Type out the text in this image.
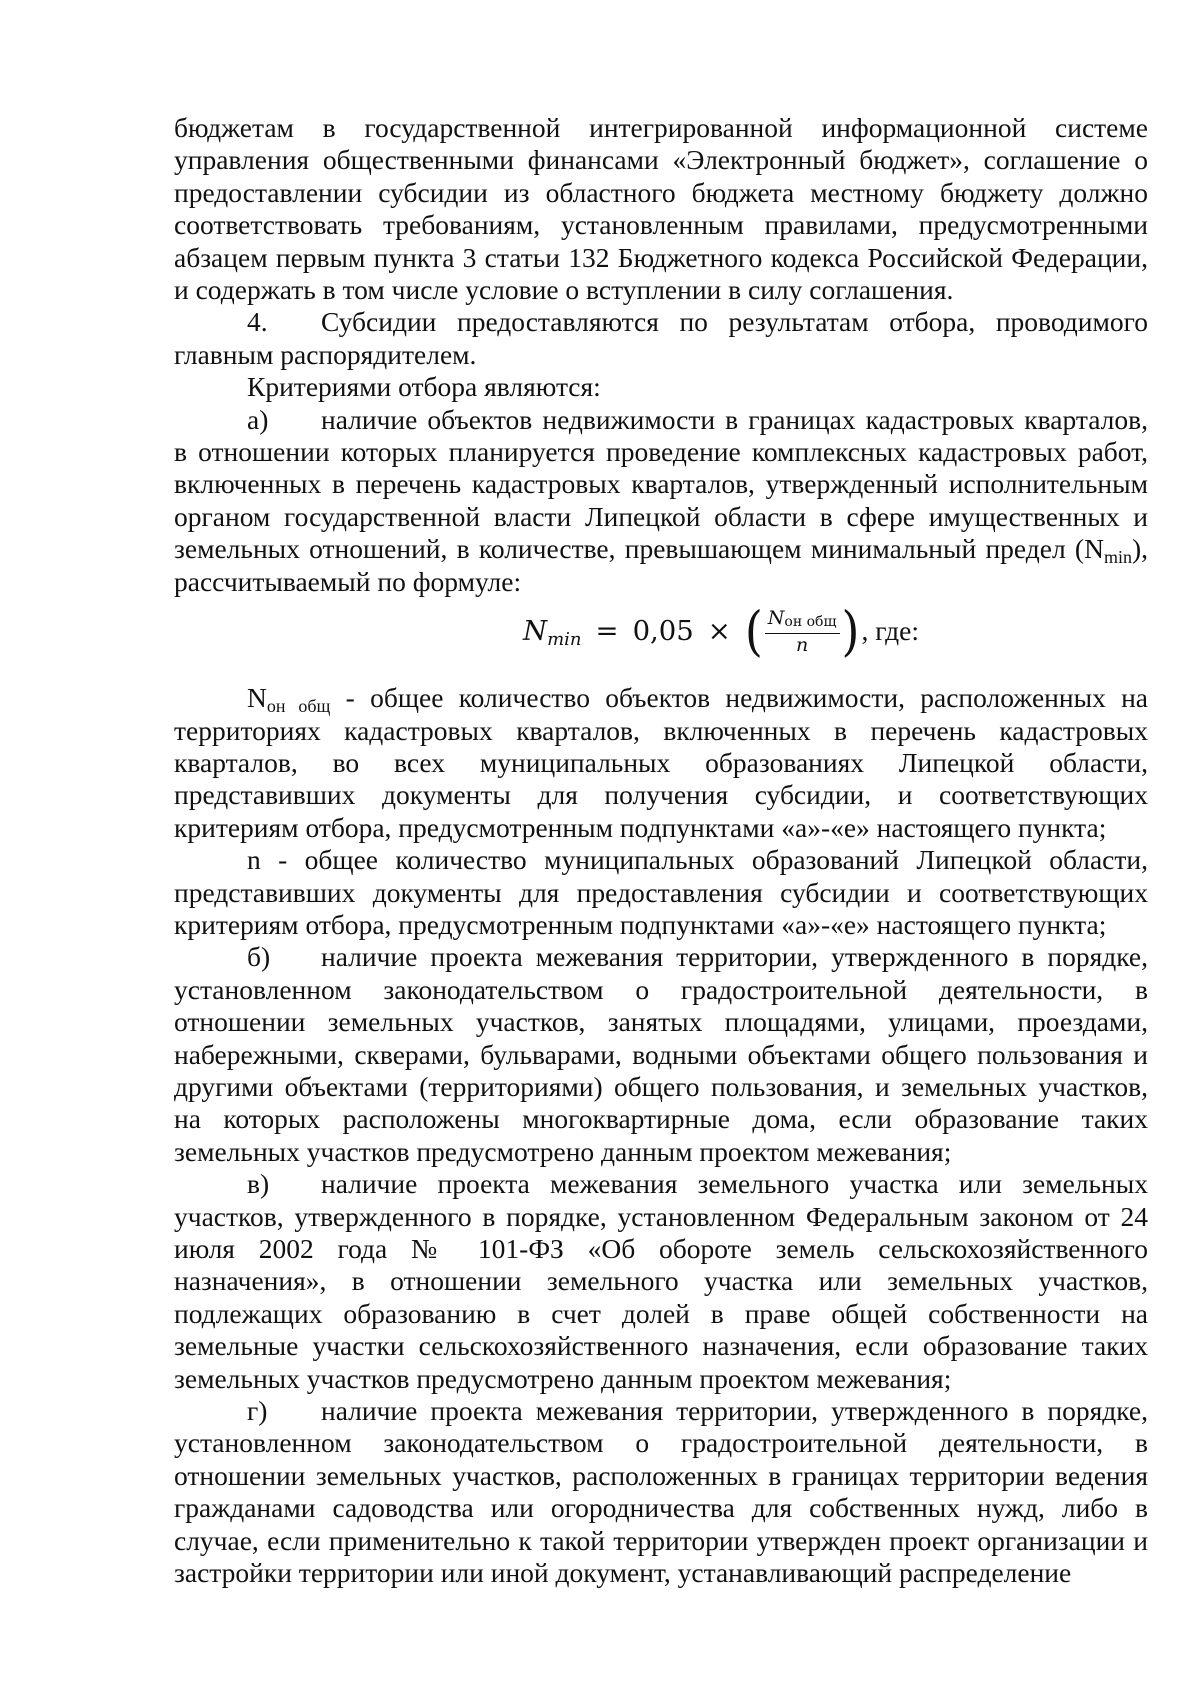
бюджетам в государственной интегрированной информационной системе управления общественными финансами «Электронный бюджет», соглашение о предоставлении субсидии из областного бюджета местному бюджету должно соответствовать требованиям, установленным правилами, предусмотренными абзацем первым пункта 3 статьи 132 Бюджетного кодекса Российской Федерации, и содержать в том числе условие о вступлении в силу соглашения.

4. Субсидии предоставляются по результатам отбора, проводимого главным распорядителем.

Критериями отбора являются:

а) наличие объектов недвижимости в границах кадастровых кварталов, в отношении которых планируется проведение комплексных кадастровых работ, включенных в перечень кадастровых кварталов, утвержденный исполнительным органом государственной власти Липецкой области в сфере имущественных и земельных отношений, в количестве, превышающем минимальный предел $(N_{min})$, рассчитываемый по формуле:

$N_{min} = 0,05$ × ( $\frac{N_{он общ}}{n}$ ) , где:

$N_{он общ}$ - общее количество объектов недвижимости, расположенных на территориях кадастровых кварталов, включенных в перечень кадастровых кварталов, во всех муниципальных образованиях Липецкой области, представивших документы для получения субсидии, и соответствующих критериям отбора, предусмотренным подпунктами «а»-«е» настоящего пункта;

n - общее количество муниципальных образований Липецкой области, представивших документы для предоставления субсидии и соответствующих критериям отбора, предусмотренным подпунктами «а»-«е» настоящего пункта;

б) наличие проекта межевания территории, утвержденного в порядке, установленном законодательством о градостроительной деятельности, в отношении земельных участков, занятых площадями, улицами, проездами, набережными, скверами, бульварами, водными объектами общего пользования и другими объектами (территориями) общего пользования, и земельных участков, на которых расположены многоквартирные дома, если образование таких земельных участков предусмотрено данным проектом межевания;

в) наличие проекта межевания земельного участка или земельных участков, утвержденного в порядке, установленном Федеральным законом от 24 июля 2002 года № 101-ФЗ «Об обороте земель сельскохозяйственного назначения», в отношении земельного участка или земельных участков, подлежащих образованию в счет долей в праве общей собственности на земельные участки сельскохозяйственного назначения, если образование таких земельных участков предусмотрено данным проектом межевания;

г) наличие проекта межевания территории, утвержденного в порядке, установленном законодательством о градостроительной деятельности, в отношении земельных участков, расположенных в границах территории ведения гражданами садоводства или огородничества для собственных нужд, либо в случае, если применительно к такой территории утвержден проект организации и застройки территории или иной документ, устанавливающий распределение
